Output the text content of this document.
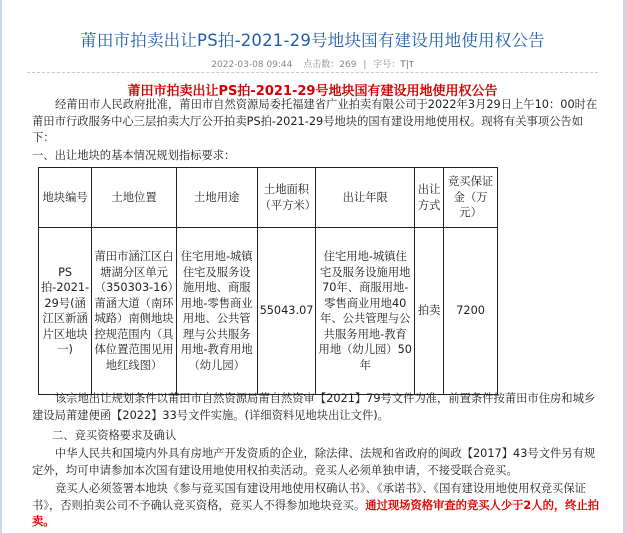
莆田市拍卖出让PS拍-2021-29号地块国有建设用地使用权公告
2022-03-08 09:44 点击数：269 | 字号：T|T
莆田市拍卖出让PS拍-2021-29号地块国有建设用地使用权公告
经莆田市人民政府批准，莆田市自然资源局委托福建省广业拍卖有限公司于2022年3月29日上午10：00时在莆田市行政服务中心三层拍卖大厅公开拍卖PS拍-2021-29号地块的国有建设用地使用权。现将有关事项公告如下：
一、出让地块的基本情况规划指标要求：
地块编号	土地位置	土地用途	土地面积（平方米）	出让年限	出让方式	竞买保证金（万元）
PS拍-2021-29号(涵江区新涵片区地块一)	莆田市涵江区白塘湖分区单元（350303-16）莆涵大道（南环城路）南侧地块控规范围内（具体位置范围见用地红线图）	住宅用地-城镇住宅及服务设施用地、商服用地-零售商业用地、公共管理与公共服务用地-教育用地（幼儿园）	55043.07	住宅用地-城镇住宅及服务设施用地70年、商服用地-零售商业用地40年、公共管理与公共服务用地-教育用地（幼儿园）50年	拍卖	7200
该宗地出让规划条件以莆田市自然资源局莆自然资审【2021】79号文件为准，前置条件按莆田市住房和城乡建设局莆建便函【2022】33号文件实施。(详细资料见地块出让文件)。
二、竞买资格要求及确认
中华人民共和国境内外具有房地产开发资质的企业，除法律、法规和省政府的闽政【2017】43号文件另有规定外，均可申请参加本次国有建设用地使用权拍卖活动。竞买人必须单独申请，不接受联合竞买。
竞买人必须签署本地块《参与竞买国有建设用地使用权确认书》、《承诺书》、《国有建设用地使用权竞买保证书》，否则拍卖公司不予确认竞买资格，竞买人不得参加地块竞买。通过现场资格审查的竞买人少于2人的，终止拍卖。
